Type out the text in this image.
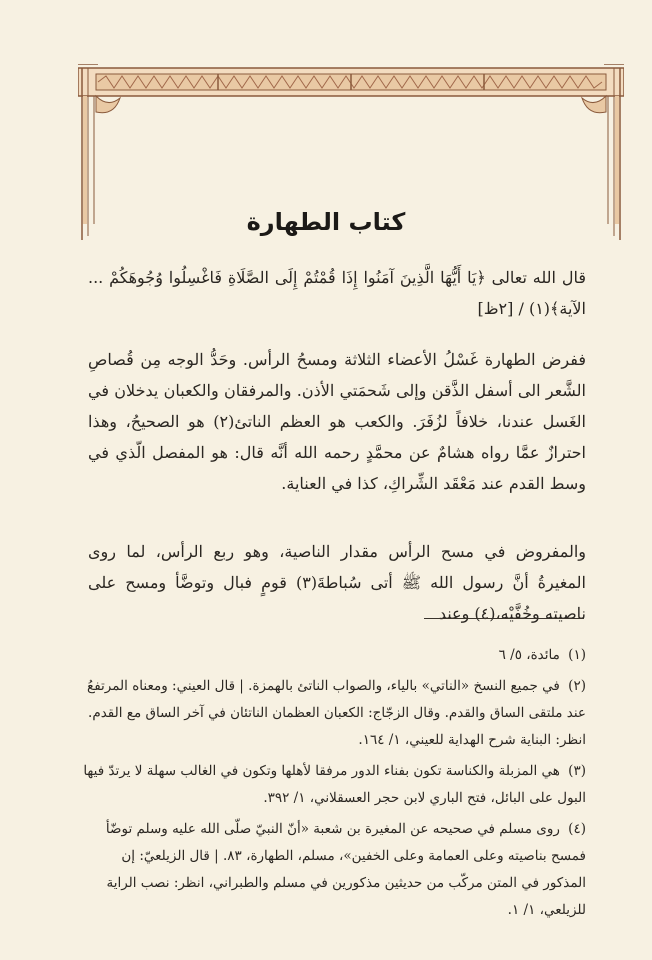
كتاب الطهارة
قال الله تعالى ﴿يَا أَيُّهَا الَّذِينَ آمَنُوا إِذَا قُمْتُمْ إِلَى الصَّلَاةِ فَاغْسِلُوا وُجُوهَكُمْ ... الآية﴾(١) / [٢ظ]
ففرض الطهارة غَسْلُ الأعضاء الثلاثة ومسحُ الرأس. وحَدُّ الوجه مِن قُصاصِ الشَّعر الى أسفل الذَّقن وإلى شَحمَتي الأذن. والمرفقان والكعبان يدخلان في الغَسل عندنا، خلافاً لزُفَرَ. والكعب هو العظم الناتئ(٢) هو الصحيحُ، وهذا احترازٌ عمَّا رواه هشامٌ عن محمَّدٍ رحمه الله أنَّه قال: هو المفصل الّذي في وسط القدم عند مَعْقَد الشِّراكِ، كذا في العناية.
والمفروض في مسح الرأس مقدار الناصية، وهو ربع الرأس، لما روى المغيرةُ أنَّ رسول الله ﷺ أتى سُباطةَ(٣) قومٍ فبال وتوضَّأ ومسح على ناصيته وخُفَّيْه،(٤) وعند
(١) مائدة، ٥/ ٦
(٢) في جميع النسخ «الناتي» بالياء، والصواب الناتئ بالهمزة. | قال العيني: ومعناه المرتفعُ عند ملتقى الساق والقدم. وقال الزجّاج: الكعبان العظمان الناتئان في آخر الساق مع القدم. انظر: البناية شرح الهداية للعيني، ١/ ١٦٤.
(٣) هي المزبلة والكناسة تكون بفناء الدور مرفقا لأهلها وتكون في الغالب سهلة لا يرتدّ فيها البول على البائل، فتح الباري لابن حجر العسقلاني، ١/ ٣٩٢.
(٤) روى مسلم في صحيحه عن المغيرة بن شعبة «أنّ النبيّ صلّى الله عليه وسلم توضّأ فمسح بناصيته وعلى العمامة وعلى الخفين»، مسلم، الطهارة، ٨٣. | قال الزيلعيّ: إن المذكور في المتن مركّب من حديثين مذكورين في مسلم والطبراني، انظر: نصب الراية للزيلعي، ١/ ١.
